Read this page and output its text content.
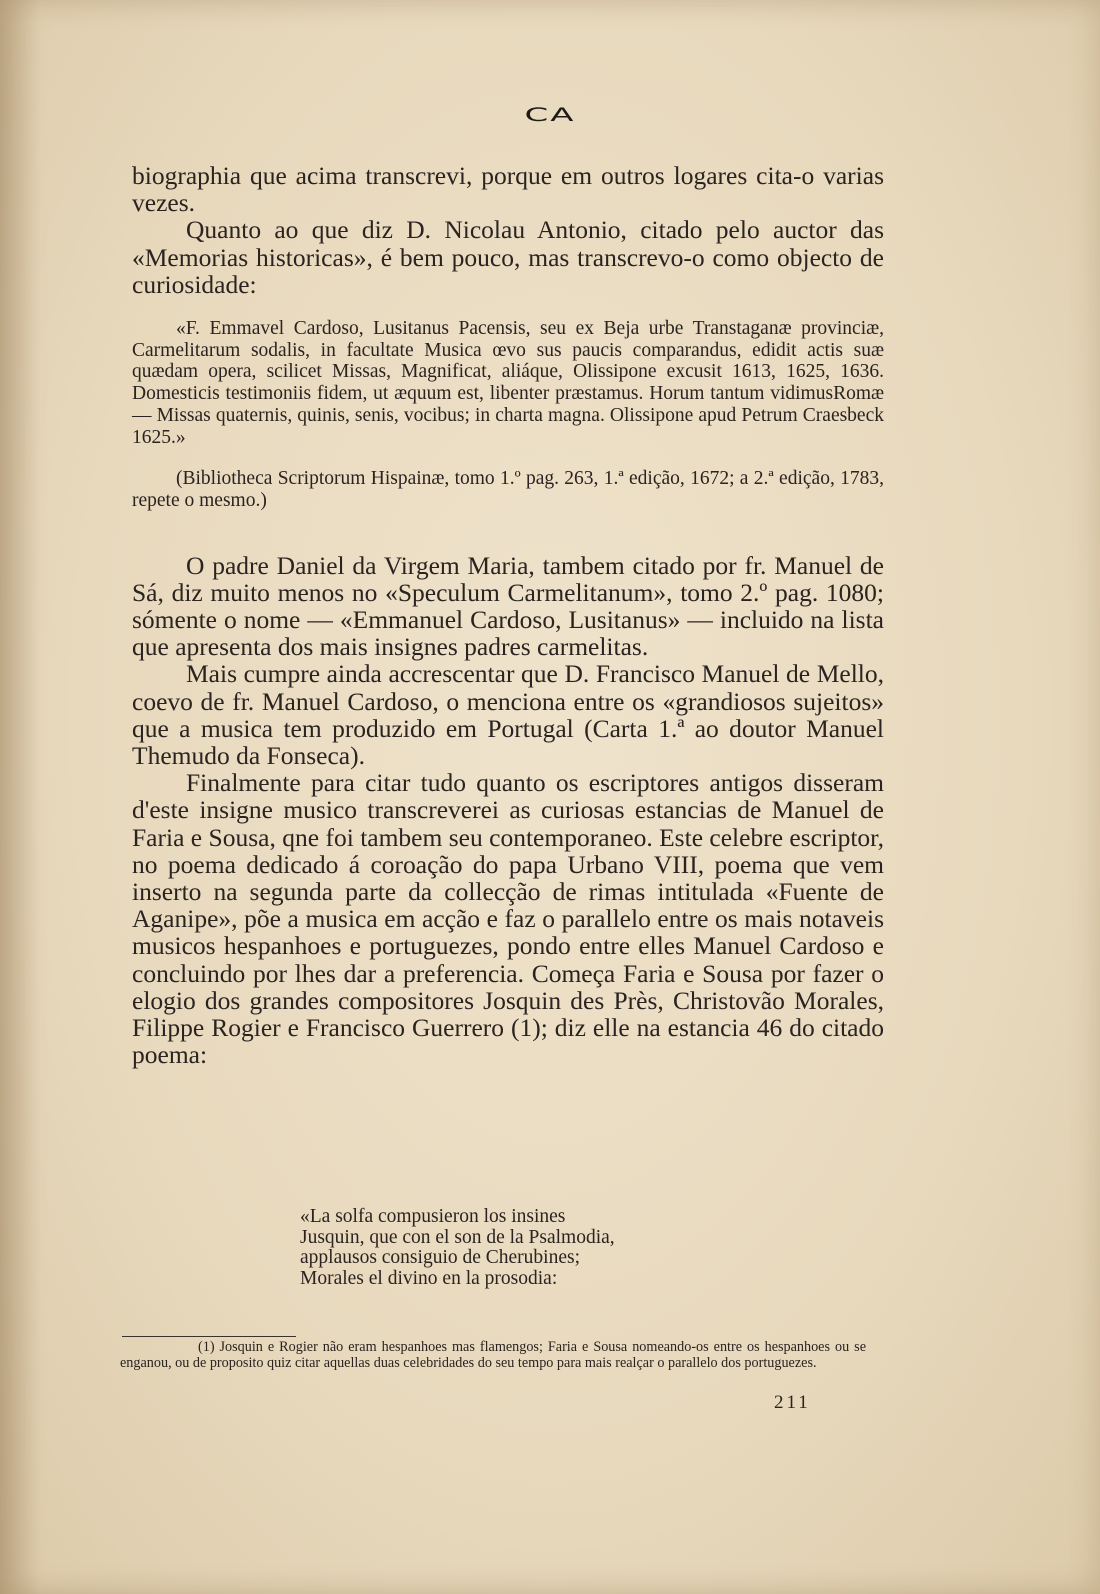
CA

biographia que acima transcrevi, porque em outros logares cita-o varias vezes.

Quanto ao que diz D. Nicolau Antonio, citado pelo auctor das «Memorias historicas», é bem pouco, mas transcrevo-o como objecto de curiosidade:

«F. Emmavel Cardoso, Lusitanus Pacensis, seu ex Beja urbe Transtaganæ provinciæ, Carmelitarum sodalis, in facultate Musica œvo sus paucis comparandus, edidit actis suæ quædam opera, scilicet Missas, Magnificat, aliáque, Olissipone excusit 1613, 1625, 1636. Domesticis testimoniis fidem, ut æquum est, libenter præstamus. Horum tantum vidimusRomæ — Missas quaternis, quinis, senis, vocibus; in charta magna. Olissipone apud Petrum Craesbeck 1625.»

(Bibliotheca Scriptorum Hispainæ, tomo 1.º pag. 263, 1.ª edição, 1672; a 2.ª edição, 1783, repete o mesmo.)

O padre Daniel da Virgem Maria, tambem citado por fr. Manuel de Sá, diz muito menos no «Speculum Carmelitanum», tomo 2.º pag. 1080; sómente o nome — «Emmanuel Cardoso, Lusitanus» — incluido na lista que apresenta dos mais insignes padres carmelitas.

Mais cumpre ainda accrescentar que D. Francisco Manuel de Mello, coevo de fr. Manuel Cardoso, o menciona entre os «grandiosos sujeitos» que a musica tem produzido em Portugal (Carta 1.ª ao doutor Manuel Themudo da Fonseca).

Finalmente para citar tudo quanto os escriptores antigos disseram d'este insigne musico transcreverei as curiosas estancias de Manuel de Faria e Sousa, qne foi tambem seu contemporaneo. Este celebre escriptor, no poema dedicado á coroação do papa Urbano VIII, poema que vem inserto na segunda parte da collecção de rimas intitulada «Fuente de Aganipe», põe a musica em acção e faz o parallelo entre os mais notaveis musicos hespanhoes e portuguezes, pondo entre elles Manuel Cardoso e concluindo por lhes dar a preferencia. Começa Faria e Sousa por fazer o elogio dos grandes compositores Josquin des Près, Christovão Morales, Filippe Rogier e Francisco Guerrero (1); diz elle na estancia 46 do citado poema:

«La solfa compusieron los insines
Jusquin, que con el son de la Psalmodia,
applausos consiguio de Cherubines;
Morales el divino en la prosodia:
(1) Josquin e Rogier não eram hespanhoes mas flamengos; Faria e Sousa nomeando-os entre os hespanhoes ou se enganou, ou de proposito quiz citar aquellas duas celebridades do seu tempo para mais realçar o parallelo dos portuguezes.
211
